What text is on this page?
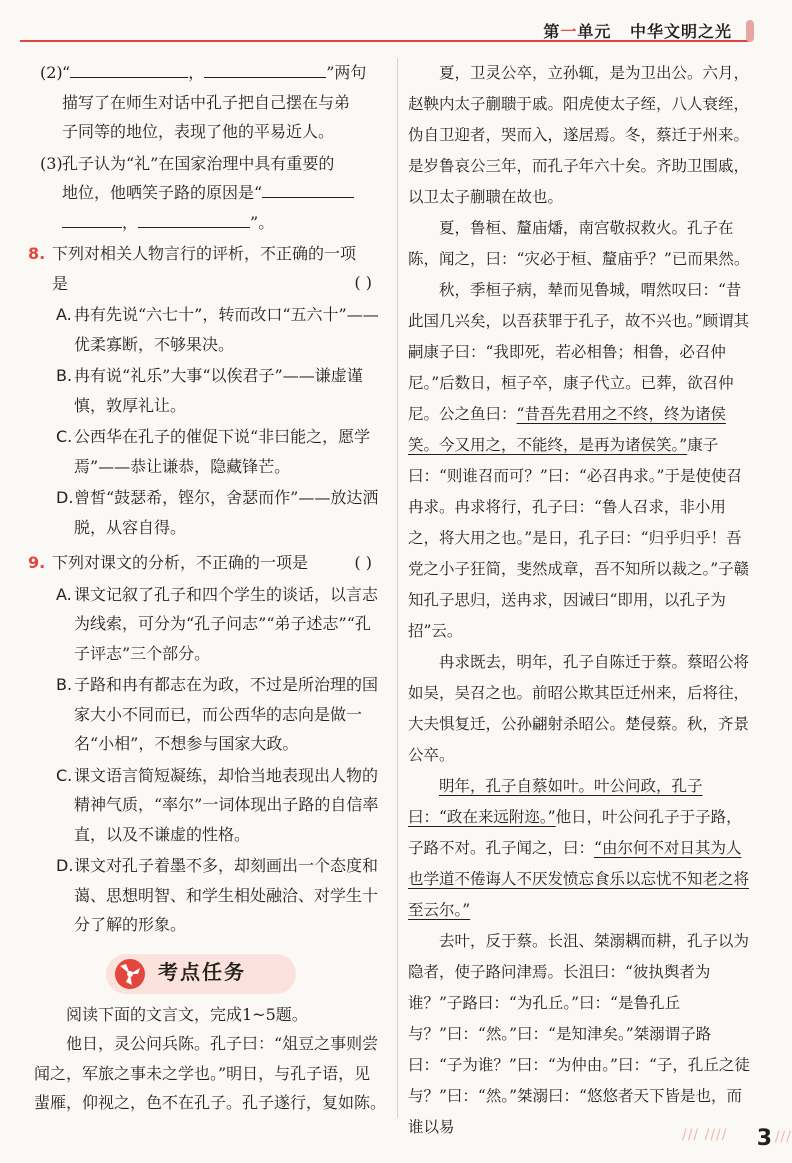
第一单元 中华文明之光
(2) “	，	”两句
描写了在师生对话中孔子把自己摆在与弟
子同等的地位，表现了他的平易近人。
(3) 孔子认为“礼”在国家治理中具有重要的
地位，他哂笑子路的原因是“
，	”。
8. 下列对相关人物言行的评析，不正确的一项
是	( )
A. 冉有先说“六七十”，转而改口“五六十”——优柔寡断，不够果决。
B. 冉有说“礼乐”大事“以俟君子”——谦虚谨慎，敦厚礼让。
C. 公西华在孔子的催促下说“非曰能之，愿学焉”——恭让谦恭，隐藏锋芒。
D. 曾皙“鼓瑟希，铿尔，舍瑟而作”——放达洒脱，从容自得。
9. 下列对课文的分析，不正确的一项是	( )
A. 课文记叙了孔子和四个学生的谈话，以言志为线索，可分为“孔子问志”“弟子述志”“孔子评志”三个部分。
B. 子路和冉有都志在为政，不过是所治理的国家大小不同而已，而公西华的志向是做一名“小相”，不想参与国家大政。
C. 课文语言简短凝练，却恰当地表现出人物的精神气质，“率尔”一词体现出子路的自信率直，以及不谦虚的性格。
D. 课文对孔子着墨不多，却刻画出一个态度和蔼、思想明智、和学生相处融洽、对学生十分了解的形象。
考点任务

阅读下面的文言文，完成1~5题。

他日，灵公问兵陈。孔子曰：“俎豆之事则尝闻之，军旅之事未之学也。”明日，与孔子语，见蜚雁，仰视之，色不在孔子。孔子遂行，复如陈。

夏，卫灵公卒，立孙辄，是为卫出公。六月，赵鞅内太子蒯聩于戚。阳虎使太子绖，八人衰绖，伪自卫迎者，哭而入，遂居焉。冬，蔡迁于州来。是岁鲁哀公三年，而孔子年六十矣。齐助卫围戚，以卫太子蒯聩在故也。

夏，鲁桓、釐庙燔，南宫敬叔救火。孔子在陈，闻之，曰：“灾必于桓、釐庙乎？”已而果然。

秋，季桓子病，辇而见鲁城，喟然叹曰：“昔此国几兴矣，以吾获罪于孔子，故不兴也。”顾谓其嗣康子曰：“我即死，若必相鲁；相鲁，必召仲尼。”后数日，桓子卒，康子代立。已葬，欲召仲尼。公之鱼曰：“昔吾先君用之不终，终为诸侯笑。今又用之，不能终，是再为诸侯笑。”康子曰：“则谁召而可？”曰：“必召冉求。”于是使使召冉求。冉求将行，孔子曰：“鲁人召求，非小用之，将大用之也。”是日，孔子曰：“归乎归乎！吾党之小子狂简，斐然成章，吾不知所以裁之。”子赣知孔子思归，送冉求，因诫曰“即用，以孔子为招”云。

冉求既去，明年，孔子自陈迁于蔡。蔡昭公将如吴，吴召之也。前昭公欺其臣迁州来，后将往，大夫惧复迁，公孙翩射杀昭公。楚侵蔡。秋，齐景公卒。

明年，孔子自蔡如叶。叶公问政，孔子曰：“政在来远附迩。”他日，叶公问孔子于子路，子路不对。孔子闻之，曰：“由尔何不对日其为人也学道不倦诲人不厌发愤忘食乐以忘忧不知老之将至云尔。”

去叶，反于蔡。长沮、桀溺耦而耕，孔子以为隐者，使子路问津焉。长沮曰：“彼执舆者为谁？”子路曰：“为孔丘。”曰：“是鲁孔丘与？”曰：“然。”曰：“是知津矣。”桀溺谓子路曰：“子为谁？”曰：“为仲由。”曰：“子，孔丘之徒与？”曰：“然。”桀溺曰：“悠悠者天下皆是也，而谁以易	/// //// 3 ///
